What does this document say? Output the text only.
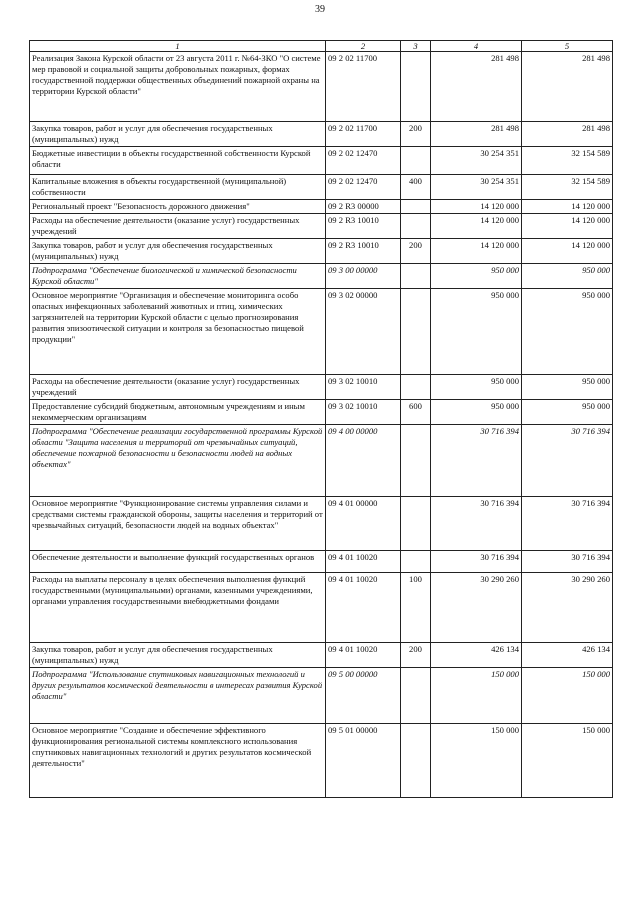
39
1	2	3	4	5
Реализация Закона Курской области от 23 августа 2011 г. №64-ЗКО "О системе мер правовой и социальной защиты добровольных пожарных, формах государственной поддержки общественных объединений пожарной охраны на территории Курской области"	09 2 02 11700		281 498	281 498
Закупка товаров, работ и услуг для обеспечения государственных (муниципальных) нужд	09 2 02 11700	200	281 498	281 498
Бюджетные инвестиции в объекты государственной собственности Курской области	09 2 02 12470		30 254 351	32 154 589
Капитальные вложения в объекты государственной (муниципальной) собственности	09 2 02 12470	400	30 254 351	32 154 589
Региональный проект "Безопасность дорожного движения"	09 2 R3 00000		14 120 000	14 120 000
Расходы на обеспечение деятельности (оказание услуг) государственных учреждений	09 2 R3 10010		14 120 000	14 120 000
Закупка товаров, работ и услуг для обеспечения государственных (муниципальных) нужд	09 2 R3 10010	200	14 120 000	14 120 000
Подпрограмма "Обеспечение биологической и химической безопасности Курской области"	09 3 00 00000		950 000	950 000
Основное мероприятие "Организация и обеспечение мониторинга особо опасных инфекционных заболеваний животных и птиц, химических загрязнителей на территории Курской области с целью прогнозирования развития эпизоотической ситуации и контроля за безопасностью пищевой продукции"	09 3 02 00000		950 000	950 000
Расходы на обеспечение деятельности (оказание услуг) государственных учреждений	09 3 02 10010		950 000	950 000
Предоставление субсидий бюджетным, автономным учреждениям и иным некоммерческим организациям	09 3 02 10010	600	950 000	950 000
Подпрограмма "Обеспечение реализации государственной программы Курской области "Защита населения и территорий от чрезвычайных ситуаций, обеспечение пожарной безопасности и безопасности людей на водных объектах"	09 4 00 00000		30 716 394	30 716 394
Основное мероприятие "Функционирование системы управления силами и средствами системы гражданской обороны, защиты населения и территорий от чрезвычайных ситуаций, безопасности людей на водных объектах"	09 4 01 00000		30 716 394	30 716 394
Обеспечение деятельности и выполнение функций государственных органов	09 4 01 10020		30 716 394	30 716 394
Расходы на выплаты персоналу в целях обеспечения выполнения функций государственными (муниципальными) органами, казенными учреждениями, органами управления государственными внебюджетными фондами	09 4 01 10020	100	30 290 260	30 290 260
Закупка товаров, работ и услуг для обеспечения государственных (муниципальных) нужд	09 4 01 10020	200	426 134	426 134
Подпрограмма "Использование спутниковых навигационных технологий и других результатов космической деятельности в интересах развития Курской области"	09 5 00 00000		150 000	150 000
Основное мероприятие "Создание и обеспечение эффективного функционирования региональной системы комплексного использования спутниковых навигационных технологий и других результатов космической деятельности"	09 5 01 00000		150 000	150 000
